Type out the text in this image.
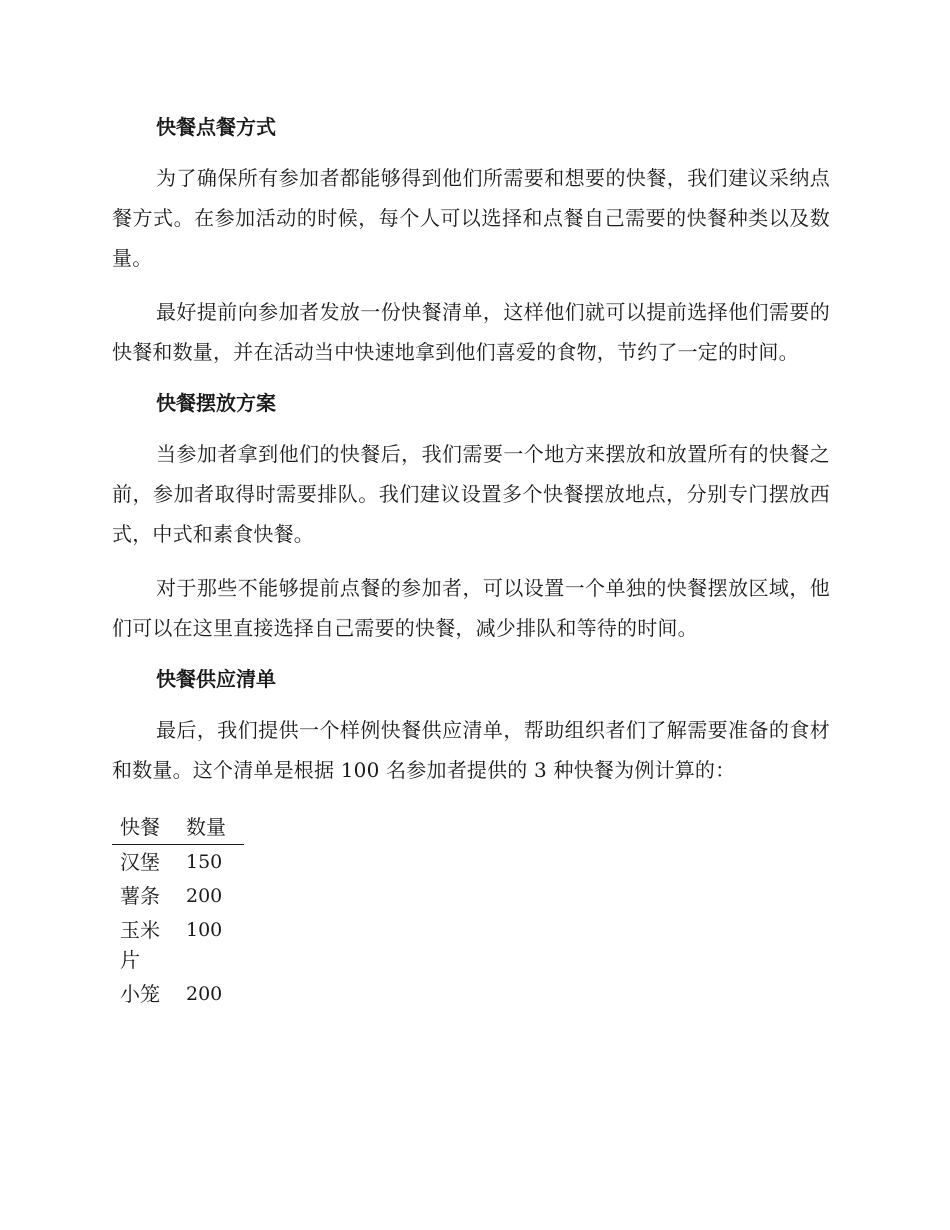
快餐点餐方式

为了确保所有参加者都能够得到他们所需要和想要的快餐，我们建议采纳点餐方式。在参加活动的时候，每个人可以选择和点餐自己需要的快餐种类以及数量。

最好提前向参加者发放一份快餐清单，这样他们就可以提前选择他们需要的快餐和数量，并在活动当中快速地拿到他们喜爱的食物，节约了一定的时间。

快餐摆放方案

当参加者拿到他们的快餐后，我们需要一个地方来摆放和放置所有的快餐之前，参加者取得时需要排队。我们建议设置多个快餐摆放地点，分别专门摆放西式，中式和素食快餐。

对于那些不能够提前点餐的参加者，可以设置一个单独的快餐摆放区域，他们可以在这里直接选择自己需要的快餐，减少排队和等待的时间。

快餐供应清单

最后，我们提供一个样例快餐供应清单，帮助组织者们了解需要准备的食材和数量。这个清单是根据 100 名参加者提供的 3 种快餐为例计算的：

快餐	数量
汉堡	150
薯条	200
玉米片	100
小笼	200
